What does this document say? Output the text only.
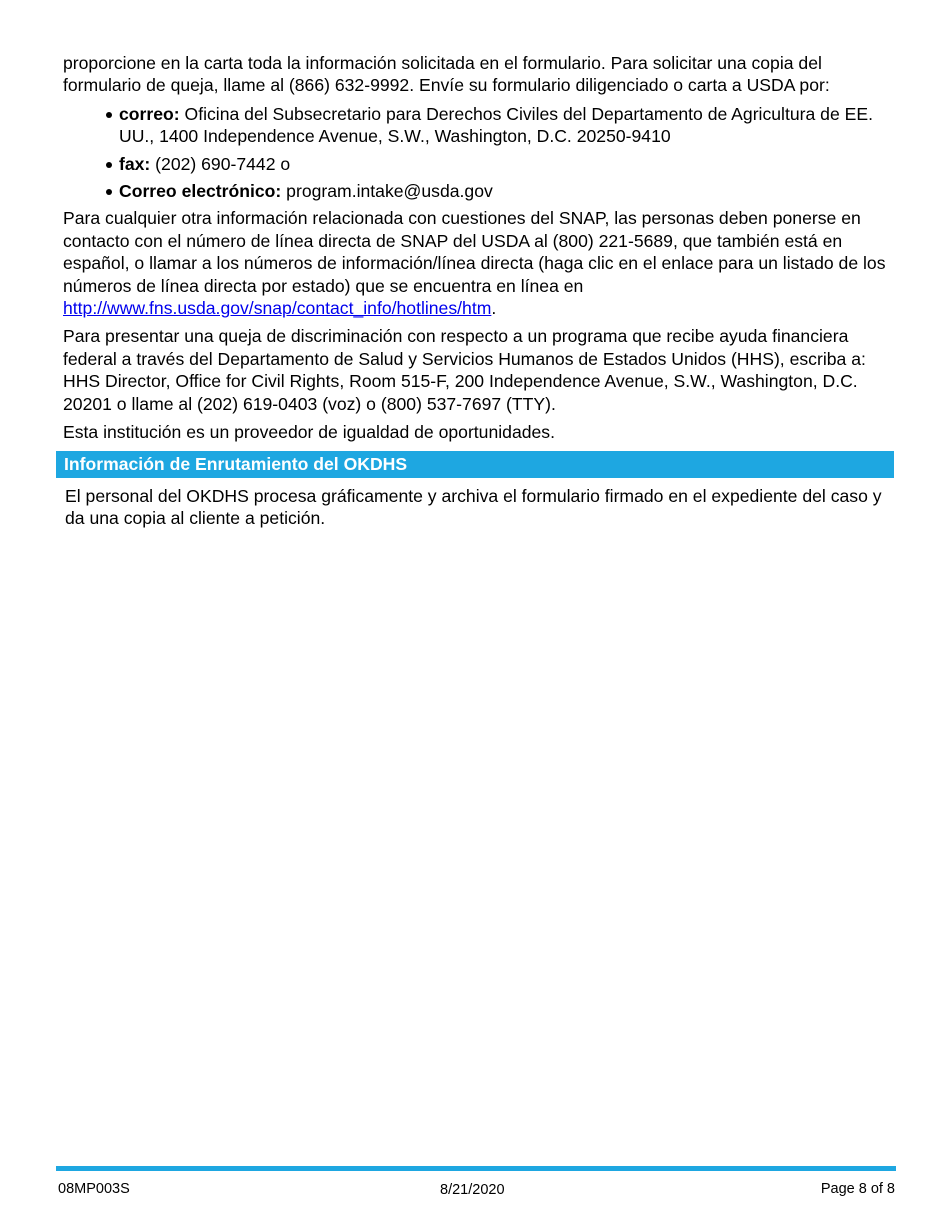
proporcione en la carta toda la información solicitada en el formulario. Para solicitar una copia del formulario de queja, llame al (866) 632-9992. Envíe su formulario diligenciado o carta a USDA por:

correo: Oficina del Subsecretario para Derechos Civiles del Departamento de Agricultura de EE. UU., 1400 Independence Avenue, S.W., Washington, D.C. 20250-9410
fax: (202) 690-7442 o
Correo electrónico: program.intake@usda.gov

Para cualquier otra información relacionada con cuestiones del SNAP, las personas deben ponerse en contacto con el número de línea directa de SNAP del USDA al (800) 221-5689, que también está en español, o llamar a los números de información/línea directa (haga clic en el enlace para un listado de los números de línea directa por estado) que se encuentra en línea en http://www.fns.usda.gov/snap/contact_info/hotlines/htm.

Para presentar una queja de discriminación con respecto a un programa que recibe ayuda financiera federal a través del Departamento de Salud y Servicios Humanos de Estados Unidos (HHS), escriba a: HHS Director, Office for Civil Rights, Room 515-F, 200 Independence Avenue, S.W., Washington, D.C. 20201 o llame al (202) 619-0403 (voz) o (800) 537-7697 (TTY).

Esta institución es un proveedor de igualdad de oportunidades.

Información de Enrutamiento del OKDHS
El personal del OKDHS procesa gráficamente y archiva el formulario firmado en el expediente del caso y da una copia al cliente a petición.
08MP003S	8/21/2020	Page 8 of 8
